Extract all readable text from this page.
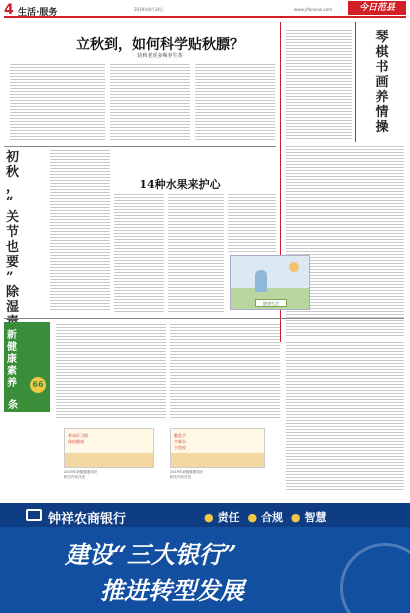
4 生活·服务	2019年8月24日	www.jrfanxian.com	今日范县
立秋到，如何科学贴秋膘？
防秋老虎多喝养生茶
琴
棋
书
画
养
情
操
初
秋
，
“
关
节
也
要
”
除
湿
14种水果来护心
健康生活
新
健
康
素
养	66
条
养成好习惯
保持健康
勤洗手
多喝水
少熬夜
2019年新版健康知识
相关内容详见
2019年新版健康知识
相关内容详见
钟祥农商银行	● 责任 ● 合规 ● 智慧
建设“三大银行”
推进转型发展
